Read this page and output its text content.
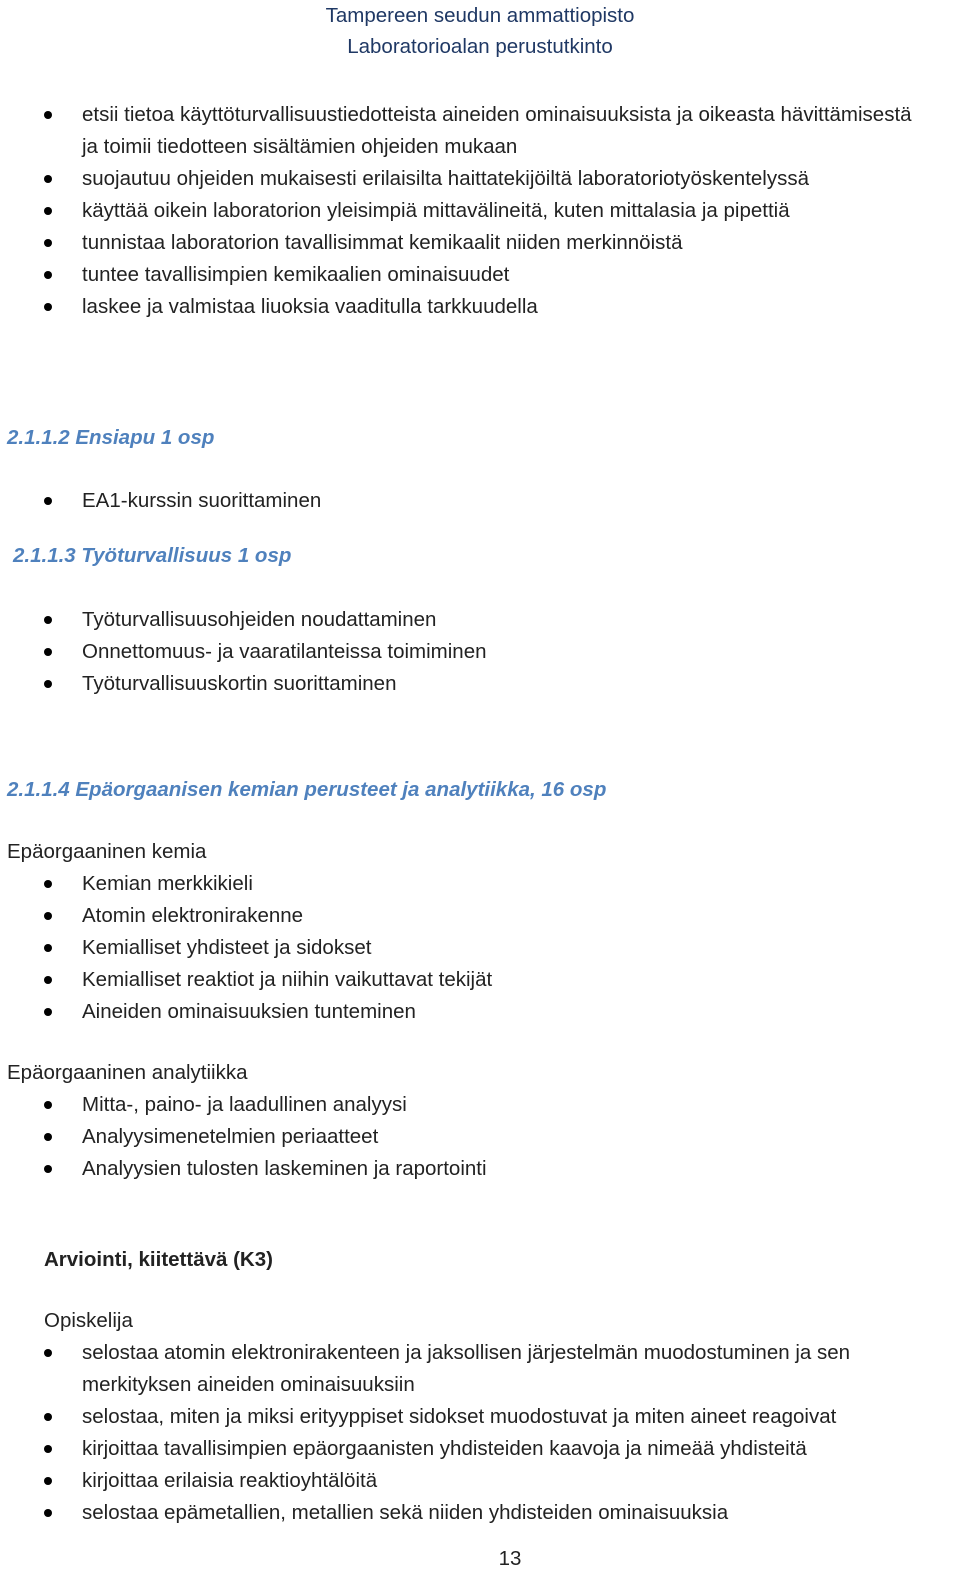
Tampereen seudun ammattiopisto
Laboratorioalan perustutkinto
etsii tietoa käyttöturvallisuustiedotteista aineiden ominaisuuksista ja oikeasta hävittämisestä ja toimii tiedotteen sisältämien ohjeiden mukaan
suojautuu ohjeiden mukaisesti erilaisilta haittatekijöiltä laboratoriotyöskentelyssä
käyttää oikein laboratorion yleisimpiä mittavälineitä, kuten mittalasia ja pipettiä
tunnistaa laboratorion tavallisimmat kemikaalit niiden merkinnöistä
tuntee tavallisimpien kemikaalien ominaisuudet
laskee ja valmistaa liuoksia vaaditulla tarkkuudella
2.1.1.2 Ensiapu 1 osp
EA1-kurssin suorittaminen
2.1.1.3 Työturvallisuus 1 osp
Työturvallisuusohjeiden noudattaminen
Onnettomuus- ja vaaratilanteissa toimiminen
Työturvallisuuskortin suorittaminen
2.1.1.4 Epäorgaanisen kemian perusteet ja analytiikka, 16 osp
Epäorgaaninen kemia
Kemian merkkikieli
Atomin elektronirakenne
Kemialliset yhdisteet ja sidokset
Kemialliset reaktiot ja niihin vaikuttavat tekijät
Aineiden ominaisuuksien tunteminen
Epäorgaaninen analytiikka
Mitta-, paino- ja laadullinen analyysi
Analyysimenetelmien periaatteet
Analyysien tulosten laskeminen ja raportointi
Arviointi, kiitettävä (K3)
Opiskelija
selostaa atomin elektronirakenteen ja jaksollisen järjestelmän muodostuminen ja sen merkityksen aineiden ominaisuuksiin
selostaa, miten ja miksi erityyppiset sidokset muodostuvat ja miten aineet reagoivat
kirjoittaa tavallisimpien epäorgaanisten yhdisteiden kaavoja ja nimeää yhdisteitä
kirjoittaa erilaisia reaktioyhtälöitä
selostaa epämetallien, metallien sekä niiden yhdisteiden ominaisuuksia
13
